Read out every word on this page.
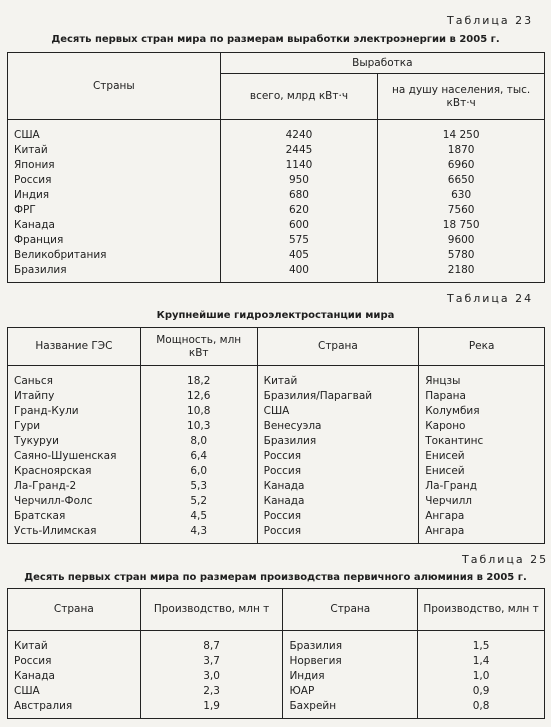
Таблица 23
Десять первых стран мира по размерам выработки электроэнергии в 2005 г.
Страны	Выработка	
	всего, млрд кВт·ч	на душу населения, тыс. кВт·ч
США	4240	14 250
Китай	2445	1870
Япония	1140	6960
Россия	950	6650
Индия	680	630
ФРГ	620	7560
Канада	600	18 750
Франция	575	9600
Великобритания	405	5780
Бразилия	400	2180
Таблица 24
Крупнейшие гидроэлектростанции мира
Название ГЭС	Мощность, млн кВт	Страна	Река
Санься	18,2	Китай	Янцзы
Итайпу	12,6	Бразилия/Парагвай	Парана
Гранд-Кули	10,8	США	Колумбия
Гури	10,3	Венесуэла	Кароно
Тукуруи	8,0	Бразилия	Токантинс
Саяно-Шушенская	6,4	Россия	Енисей
Красноярская	6,0	Россия	Енисей
Ла-Гранд-2	5,3	Канада	Ла-Гранд
Черчилл-Фолс	5,2	Канада	Черчилл
Братская	4,5	Россия	Ангара
Усть-Илимская	4,3	Россия	Ангара
Таблица 25
Десять первых стран мира по размерам производства первичного алюминия в 2005 г.
Страна	Производство, млн т	Страна	Производство, млн т
Китай	8,7	Бразилия	1,5
Россия	3,7	Норвегия	1,4
Канада	3,0	Индия	1,0
США	2,3	ЮАР	0,9
Австралия	1,9	Бахрейн	0,8
